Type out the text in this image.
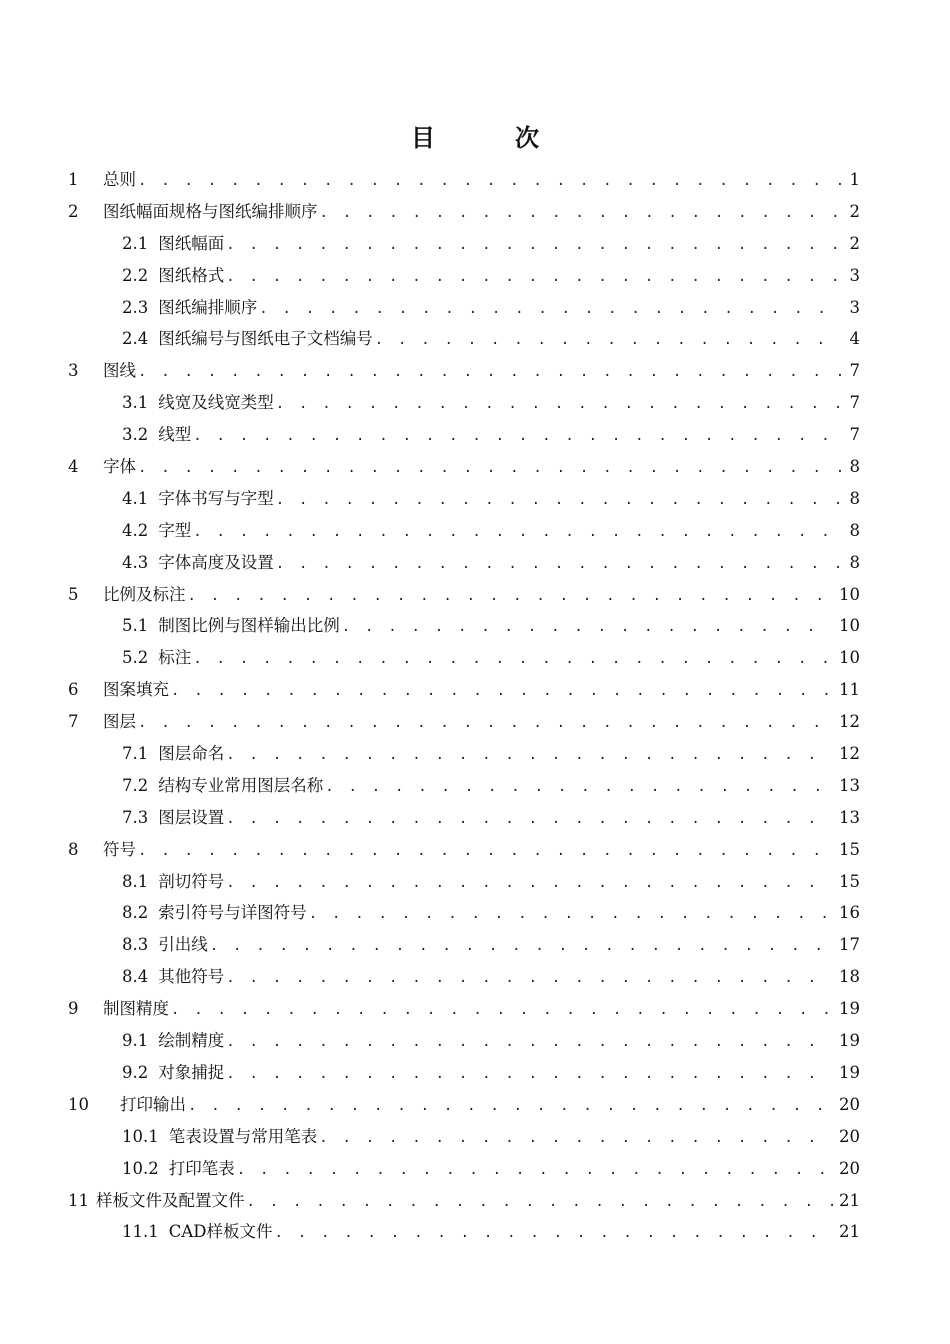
目　次
1	总则 . . .	1
2	图纸幅面规格与图纸编排顺序 . . .	2
2.1 图纸幅面 . . .	2
2.2 图纸格式 . . .	3
2.3 图纸编排顺序 . . .	3
2.4 图纸编号与图纸电子文档编号 . . .	4
3	图线 . . .	7
3.1 线宽及线宽类型 . . .	7
3.2 线型 . . .	7
4	字体 . . .	8
4.1 字体书写与字型 . . .	8
4.2 字型 . . .	8
4.3 字体高度及设置 . . .	8
5	比例及标注 . . .	10
5.1 制图比例与图样输出比例 . . .	10
5.2 标注 . . .	10
6	图案填充 . . .	11
7	图层 . . .	12
7.1 图层命名 . . .	12
7.2 结构专业常用图层名称 . . .	13
7.3 图层设置 . . .	13
8	符号 . . .	15
8.1 剖切符号 . . .	15
8.2 索引符号与详图符号 . . .	16
8.3 引出线 . . .	17
8.4 其他符号 . . .	18
9	制图精度 . . .	19
9.1 绘制精度 . . .	19
9.2 对象捕捉 . . .	19
10	打印输出 . . .	20
10.1 笔表设置与常用笔表 . . .	20
10.2 打印笔表 . . .	20
11 样板文件及配置文件 . . .	21
11.1 CAD样板文件 . . .	21
